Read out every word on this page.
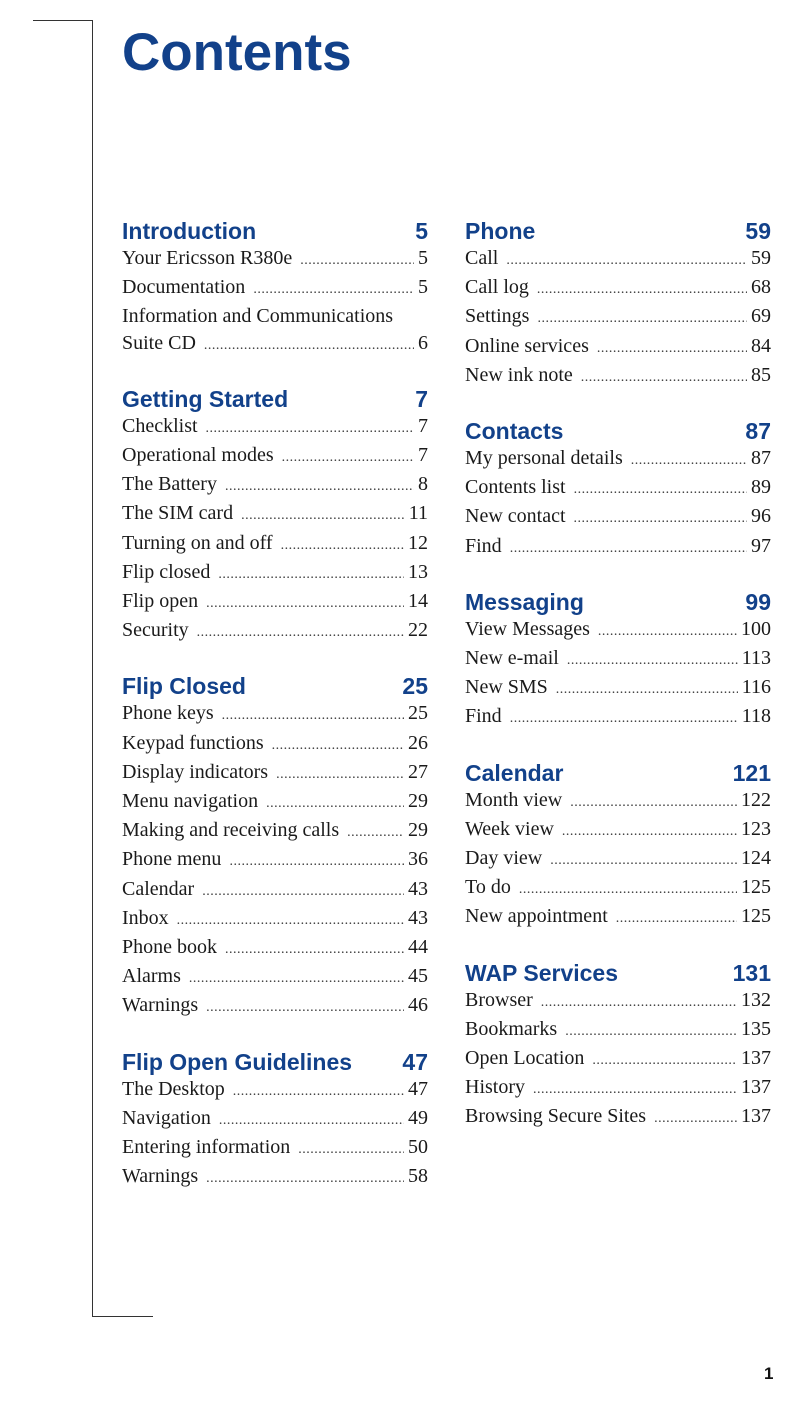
Contents
Introduction	5
Your Ericsson R380e .....	5
Documentation .....	5
Information and Communications
Suite CD .....	6
Getting Started	7
Checklist .....	7
Operational modes .....	7
The Battery .....	8
The SIM card .....	11
Turning on and off .....	12
Flip closed .....	13
Flip open .....	14
Security .....	22
Flip Closed	25
Phone keys .....	25
Keypad functions .....	26
Display indicators .....	27
Menu navigation .....	29
Making and receiving calls .....	29
Phone menu .....	36
Calendar .....	43
Inbox .....	43
Phone book .....	44
Alarms .....	45
Warnings .....	46
Flip Open Guidelines 47
The Desktop .....	47
Navigation .....	49
Entering information .....	50
Warnings .....	58
Phone	59
Call .....	59
Call log .....	68
Settings .....	69
Online services .....	84
New ink note .....	85
Contacts	87
My personal details .....	87
Contents list .....	89
New contact .....	96
Find .....	97
Messaging	99
View Messages .....	100
New e-mail .....	113
New SMS .....	116
Find .....	118
Calendar	121
Month view .....	122
Week view .....	123
Day view .....	124
To do .....	125
New appointment .....	125
WAP Services	131
Browser .....	132
Bookmarks .....	135
Open Location .....	137
History .....	137
Browsing Secure Sites .....	137
1
